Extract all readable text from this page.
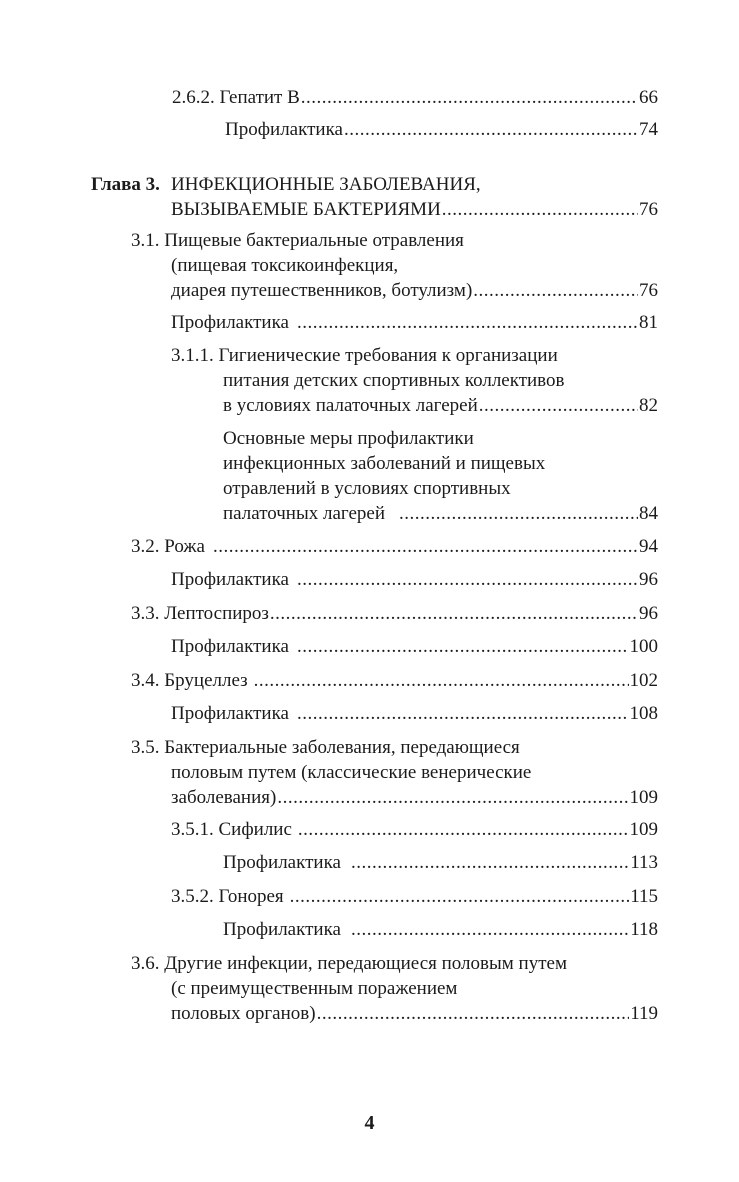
2.6.2. Гепатит В .....	66
Профилактика .....	74
Глава 3. ИНФЕКЦИОННЫЕ ЗАБОЛЕВАНИЯ,
ВЫЗЫВАЕМЫЕ БАКТЕРИЯМИ .....	76
3.1. Пищевые бактериальные отравления
(пищевая токсикоинфекция,
диарея путешественников, ботулизм) .....	76
Профилактика .....	81
3.1.1. Гигиенические требования к организации
питания детских спортивных коллективов
в условиях палаточных лагерей .....	82
Основные меры профилактики
инфекционных заболеваний и пищевых
отравлений в условиях спортивных
палаточных лагерей .....	84
3.2. Рожа .....	94
Профилактика .....	96
3.3. Лептоспироз .....	96
Профилактика .....	100
3.4. Бруцеллез .....	102
Профилактика .....	108
3.5. Бактериальные заболевания, передающиеся
половым путем (классические венерические
заболевания) .....	109
3.5.1. Сифилис .....	109
Профилактика .....	113
3.5.2. Гонорея .....	115
Профилактика .....	118
3.6. Другие инфекции, передающиеся половым путем
(с преимущественным поражением
половых органов) .....	119
4
